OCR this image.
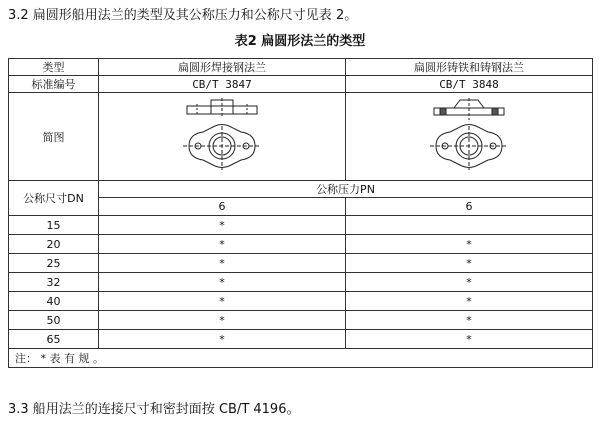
3.2 扁圆形船用法兰的类型及其公称压力和公称尺寸见表 2。
表2 扁圆形法兰的类型
类型	扁圆形焊接钢法兰	扁圆形铸铁和铸钢法兰
标准编号	CB/T 3847	CB/T 3848
简图	

公称尺寸DN	公称压力PN	
	6	6
15	*	
20	*	*
25	*	*
32	*	*
40	*	*
50	*	*
65	*	*
注： * 表 有 规 。		
3.3 船用法兰的连接尺寸和密封面按 CB/T 4196。
